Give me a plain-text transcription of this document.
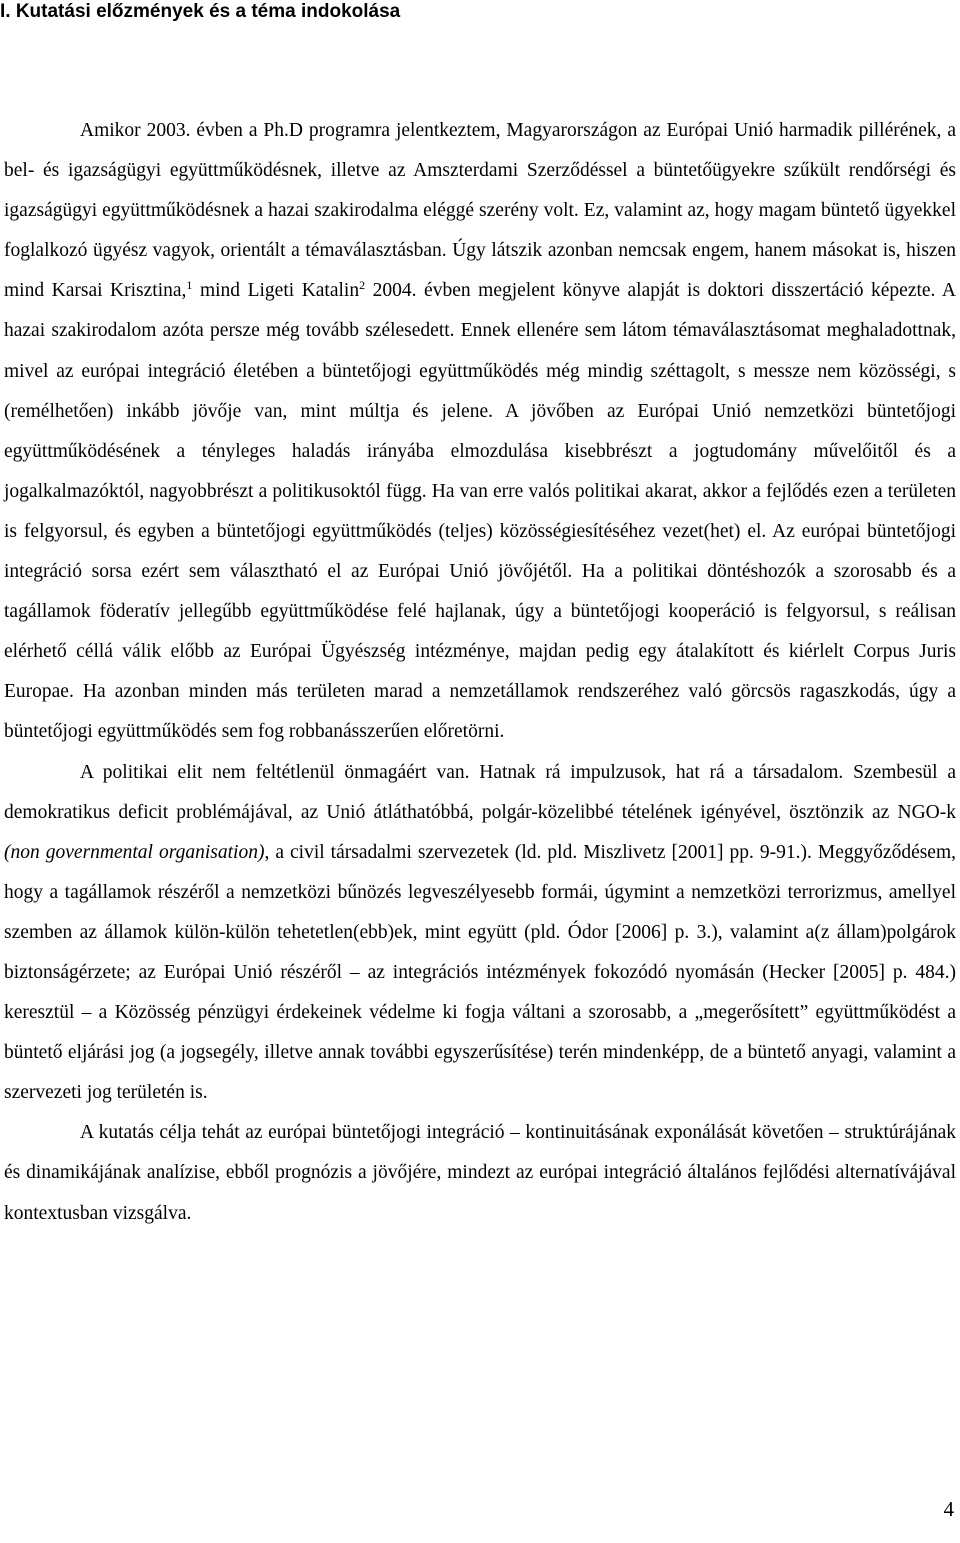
I. Kutatási előzmények és a téma indokolása

Amikor 2003. évben a Ph.D programra jelentkeztem, Magyarországon az Európai Unió harmadik pillérének, a bel- és igazságügyi együttműködésnek, illetve az Amszterdami Szerződéssel a büntetőügyekre szűkült rendőrségi és igazságügyi együttműködésnek a hazai szakirodalma eléggé szerény volt. Ez, valamint az, hogy magam büntető ügyekkel foglalkozó ügyész vagyok, orientált a témaválasztásban. Úgy látszik azonban nemcsak engem, hanem másokat is, hiszen mind Karsai Krisztina,$^1$ mind Ligeti Katalin$^2$ 2004. évben megjelent könyve alapját is doktori disszertáció képezte. A hazai szakirodalom azóta persze még tovább szélesedett. Ennek ellenére sem látom témaválasztásomat meghaladottnak, mivel az európai integráció életében a büntetőjogi együttműködés még mindig széttagolt, s messze nem közösségi, s (remélhetően) inkább jövője van, mint múltja és jelene. A jövőben az Európai Unió nemzetközi büntetőjogi együttműködésének a tényleges haladás irányába elmozdulása kisebbrészt a jogtudomány művelőitől és a jogalkalmazóktól, nagyobbrészt a politikusoktól függ. Ha van erre valós politikai akarat, akkor a fejlődés ezen a területen is felgyorsul, és egyben a büntetőjogi együttműködés (teljes) közösségiesítéséhez vezet(het) el. Az európai büntetőjogi integráció sorsa ezért sem választható el az Európai Unió jövőjétől. Ha a politikai döntéshozók a szorosabb és a tagállamok föderatív jellegűbb együttműködése felé hajlanak, úgy a büntetőjogi kooperáció is felgyorsul, s reálisan elérhető céllá válik előbb az Európai Ügyészség intézménye, majdan pedig egy átalakított és kiérlelt Corpus Juris Europae. Ha azonban minden más területen marad a nemzetállamok rendszeréhez való görcsös ragaszkodás, úgy a büntetőjogi együttműködés sem fog robbanásszerűen előretörni.

A politikai elit nem feltétlenül önmagáért van. Hatnak rá impulzusok, hat rá a társadalom. Szembesül a demokratikus deficit problémájával, az Unió átláthatóbbá, polgár-közelibbé tételének igényével, ösztönzik az NGO-k (non governmental organisation), a civil társadalmi szervezetek (ld. pld. Miszlivetz [2001] pp. 9-91.). Meggyőződésem, hogy a tagállamok részéről a nemzetközi bűnözés legveszélyesebb formái, úgymint a nemzetközi terrorizmus, amellyel szemben az államok külön-külön tehetetlen(ebb)ek, mint együtt (pld. Ódor [2006] p. 3.), valamint a(z állam)polgárok biztonságérzete; az Európai Unió részéről – az integrációs intézmények fokozódó nyomásán (Hecker [2005] p. 484.) keresztül – a Közösség pénzügyi érdekeinek védelme ki fogja váltani a szorosabb, a „megerősített” együttműködést a büntető eljárási jog (a jogsegély, illetve annak további egyszerűsítése) terén mindenképp, de a büntető anyagi, valamint a szervezeti jog területén is.

A kutatás célja tehát az európai büntetőjogi integráció – kontinuitásának exponálását követően – struktúrájának és dinamikájának analízise, ebből prognózis a jövőjére, mindezt az európai integráció általános fejlődési alternatívájával kontextusban vizsgálva.

4
